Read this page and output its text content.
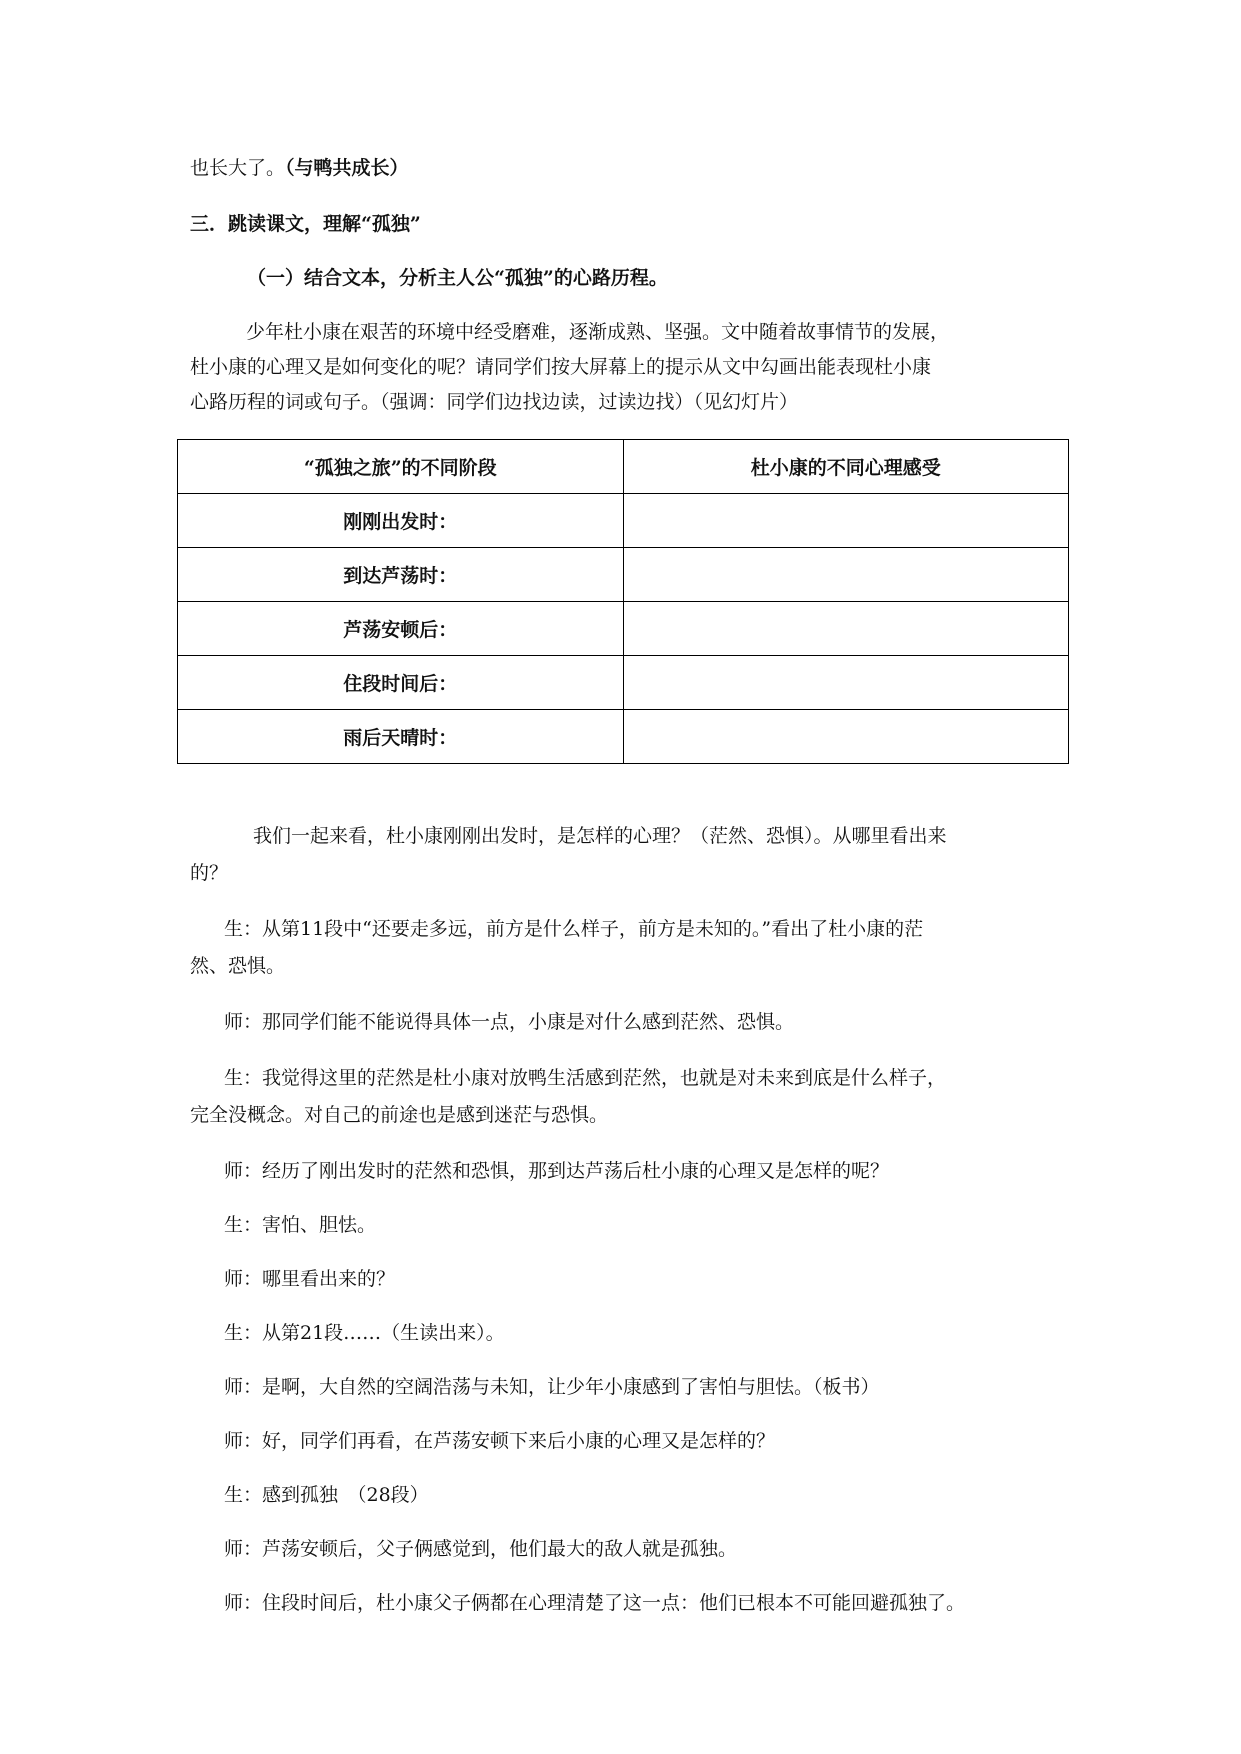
也长大了。（与鸭共成长）
三．跳读课文，理解“孤独”
（一）结合文本，分析主人公“孤独”的心路历程。
少年杜小康在艰苦的环境中经受磨难，逐渐成熟、坚强。文中随着故事情节的发展，
杜小康的心理又是如何变化的呢？请同学们按大屏幕上的提示从文中勾画出能表现杜小康
心路历程的词或句子。（强调：同学们边找边读，过读边找）（见幻灯片）
“孤独之旅”的不同阶段	杜小康的不同心理感受
刚刚出发时：	
到达芦荡时：	
芦荡安顿后：	
住段时间后：	
雨后天晴时：	
我们一起来看，杜小康刚刚出发时，是怎样的心理？（茫然、恐惧）。从哪里看出来
的？
生：从第11段中“还要走多远，前方是什么样子，前方是未知的。”看出了杜小康的茫
然、恐惧。
师：那同学们能不能说得具体一点，小康是对什么感到茫然、恐惧。
生：我觉得这里的茫然是杜小康对放鸭生活感到茫然，也就是对未来到底是什么样子，
完全没概念。对自己的前途也是感到迷茫与恐惧。
师：经历了刚出发时的茫然和恐惧，那到达芦荡后杜小康的心理又是怎样的呢？
生：害怕、胆怯。
师：哪里看出来的？
生：从第21段……（生读出来）。
师：是啊，大自然的空阔浩荡与未知，让少年小康感到了害怕与胆怯。（板书）
师：好，同学们再看，在芦荡安顿下来后小康的心理又是怎样的？
生：感到孤独　（28段）
师：芦荡安顿后，父子俩感觉到，他们最大的敌人就是孤独。
师：住段时间后，杜小康父子俩都在心理清楚了这一点：他们已根本不可能回避孤独了。
